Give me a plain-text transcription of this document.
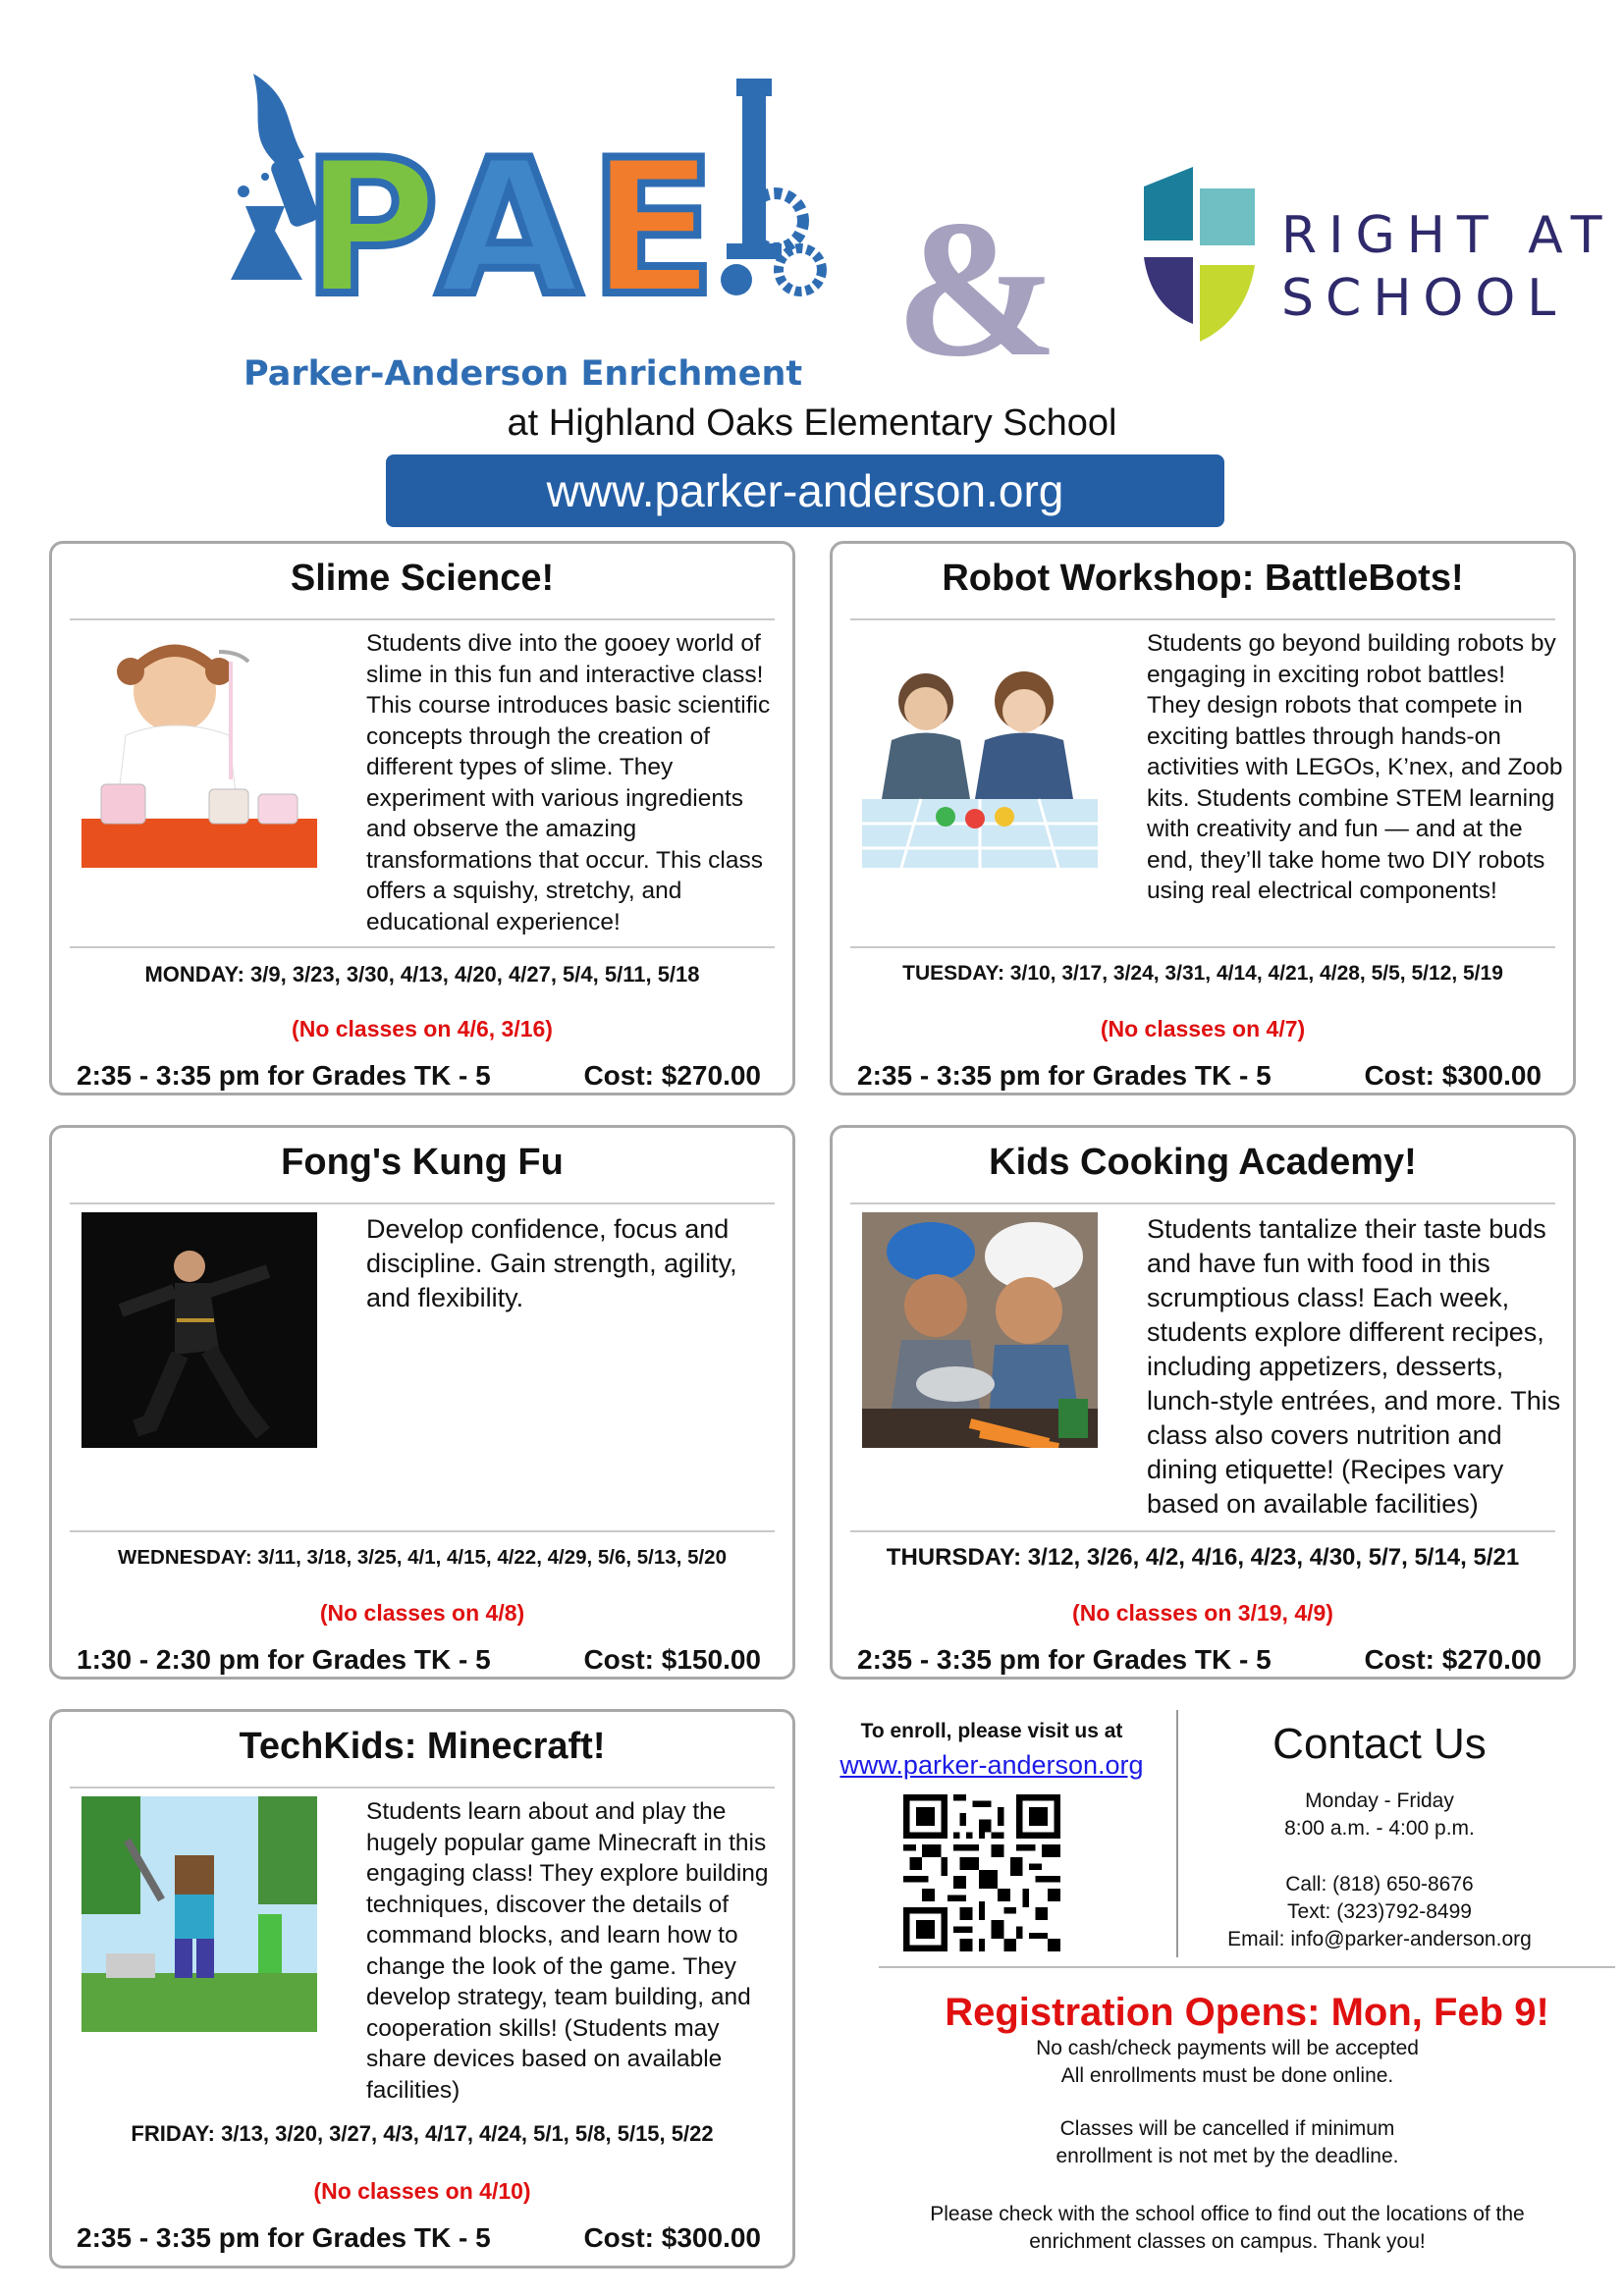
P
A E
Parker-Anderson Enrichment &	RIGHT AT
SCHOOL
at Highland Oaks Elementary School
www.parker-anderson.org
Slime Science!
Students dive into the gooey world of slime in this fun and interactive class! This course introduces basic scientific concepts through the creation of different types of slime. They experiment with various ingredients and observe the amazing transformations that occur. This class offers a squishy, stretchy, and educational experience!
MONDAY: 3/9, 3/23, 3/30, 4/13, 4/20, 4/27, 5/4, 5/11, 5/18
(No classes on 4/6, 3/16)
2:35 - 3:35 pm for Grades TK - 5	Cost: $270.00
Robot Workshop: BattleBots!
Students go beyond building robots by engaging in exciting robot battles! They design robots that compete in exciting battles through hands-on activities with LEGOs, K’nex, and Zoob kits. Students combine STEM learning with creativity and fun — and at the end, they’ll take home two DIY robots using real electrical components!
TUESDAY: 3/10, 3/17, 3/24, 3/31, 4/14, 4/21, 4/28, 5/5, 5/12, 5/19
(No classes on 4/7)
2:35 - 3:35 pm for Grades TK - 5	Cost: $300.00
Fong's Kung Fu
Develop confidence, focus and discipline. Gain strength, agility, and flexibility.
WEDNESDAY: 3/11, 3/18, 3/25, 4/1, 4/15, 4/22, 4/29, 5/6, 5/13, 5/20
(No classes on 4/8)
1:30 - 2:30 pm for Grades TK - 5	Cost: $150.00
Kids Cooking Academy!
Students tantalize their taste buds and have fun with food in this scrumptious class! Each week, students explore different recipes, including appetizers, desserts, lunch-style entrées, and more. This class also covers nutrition and dining etiquette! (Recipes vary based on available facilities)
THURSDAY: 3/12, 3/26, 4/2, 4/16, 4/23, 4/30, 5/7, 5/14, 5/21
(No classes on 3/19, 4/9)
2:35 - 3:35 pm for Grades TK - 5	Cost: $270.00
TechKids: Minecraft!
Students learn about and play the hugely popular game Minecraft in this engaging class! They explore building techniques, discover the details of command blocks, and learn how to change the look of the game. They develop strategy, team building, and cooperation skills! (Students may share devices based on available facilities)
FRIDAY: 3/13, 3/20, 3/27, 4/3, 4/17, 4/24, 5/1, 5/8, 5/15, 5/22
(No classes on 4/10)
2:35 - 3:35 pm for Grades TK - 5	Cost: $300.00
To enroll, please visit us at
www.parker-anderson.org	Contact Us
Monday - Friday
8:00 a.m. - 4:00 p.m.
Call: (818) 650-8676
Text: (323)792-8499
Email: info@parker-anderson.org
Registration Opens: Mon, Feb 9!
No cash/check payments will be accepted
All enrollments must be done online.
Classes will be cancelled if minimum
enrollment is not met by the deadline.
Please check with the school office to find out the locations of the
enrichment classes on campus. Thank you!
